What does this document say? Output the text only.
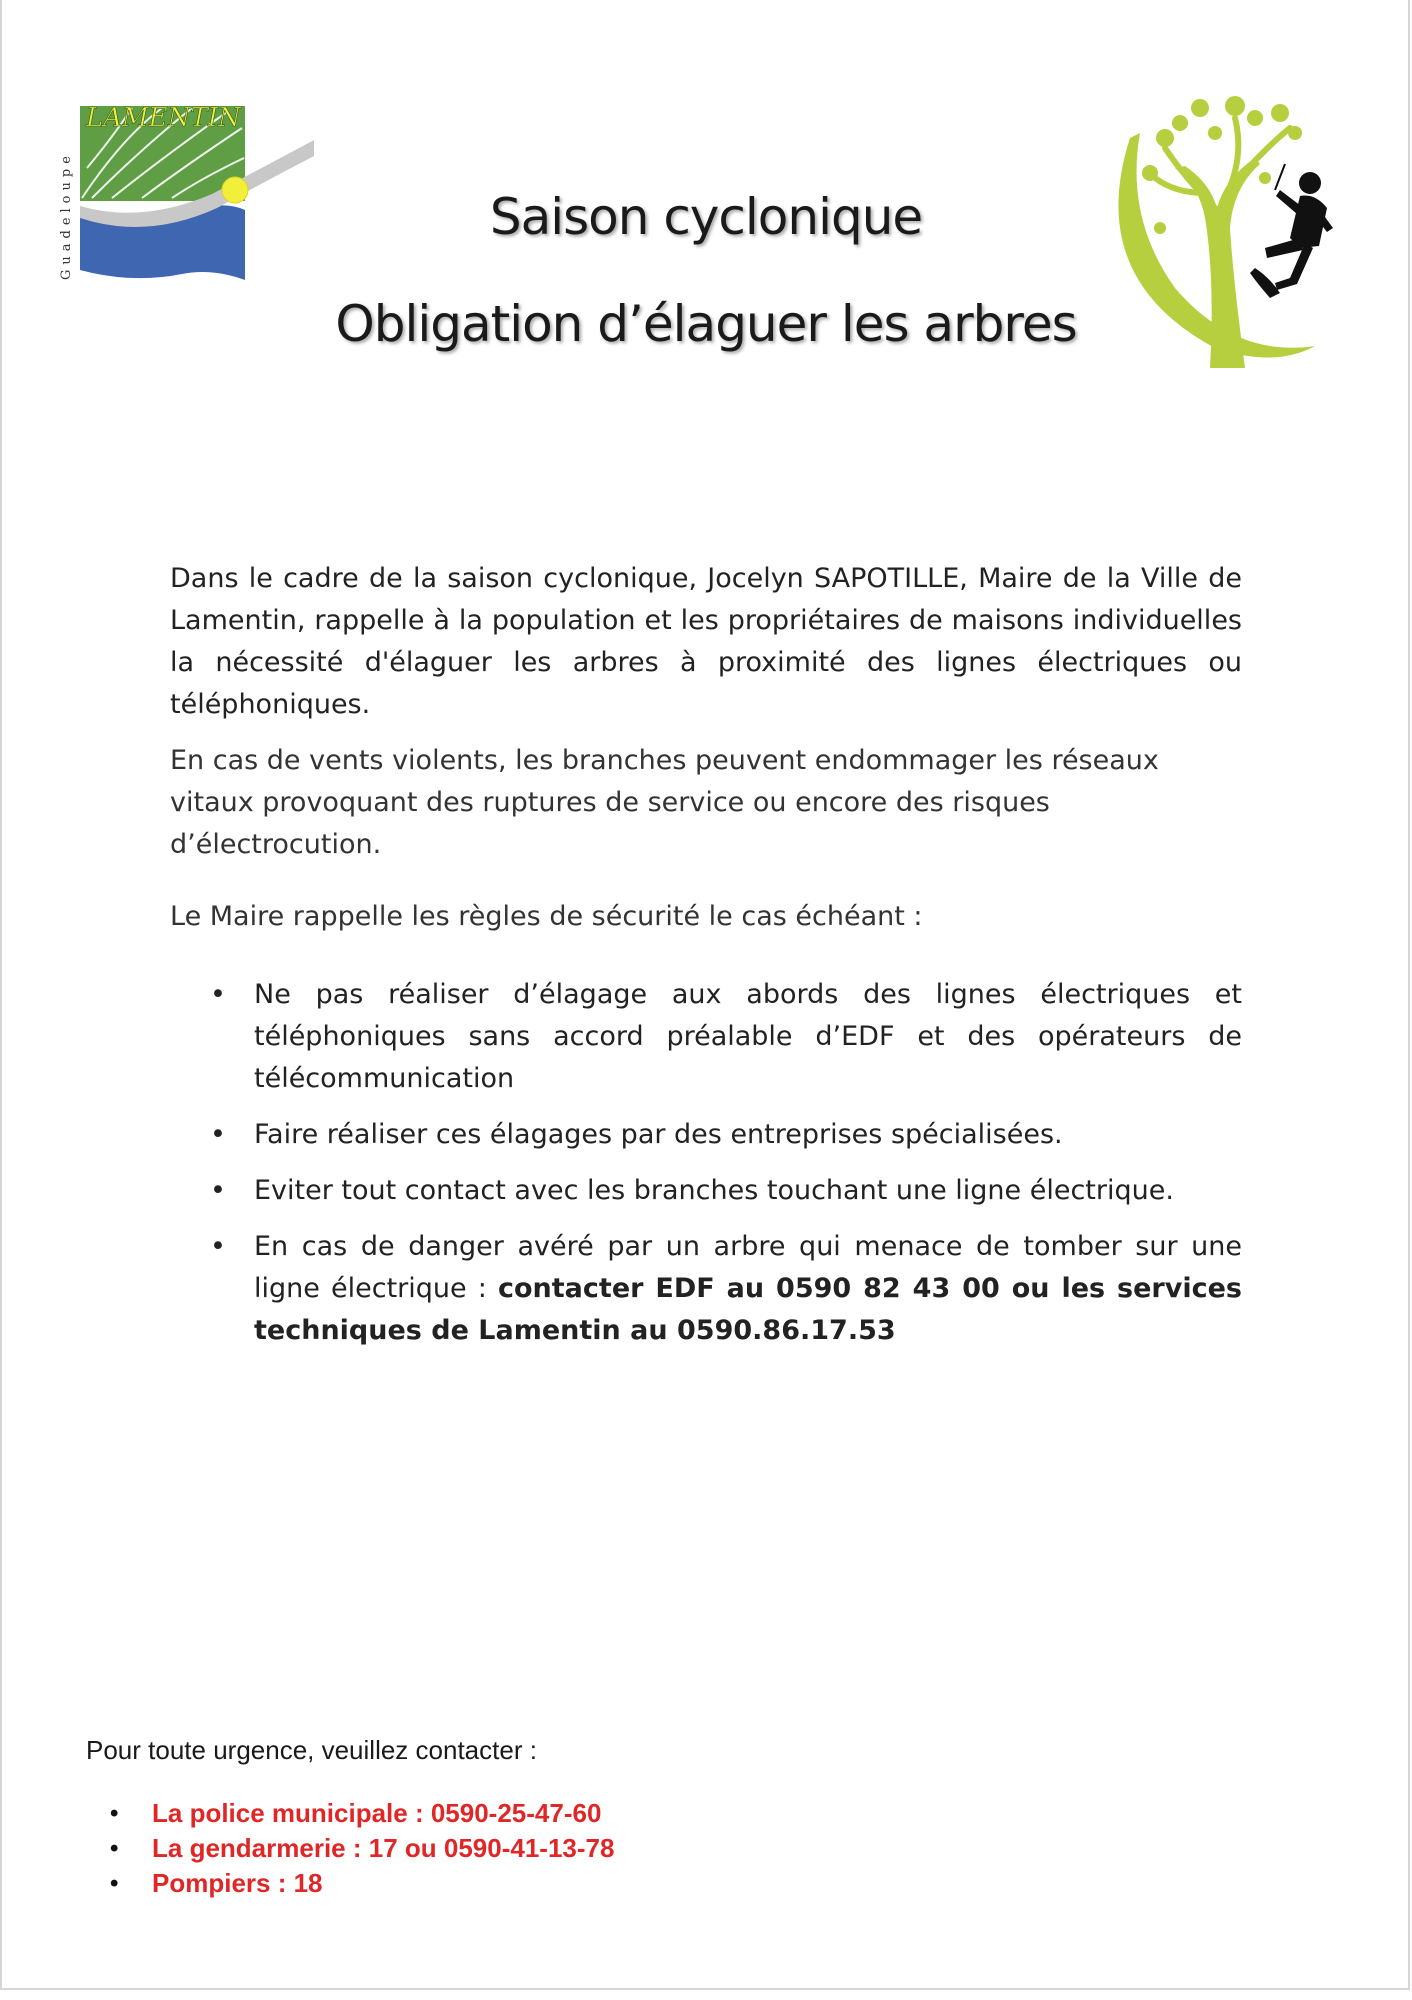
Guadeloupe
LAMENTIN
Saison cyclonique
Obligation d’élaguer les arbres

Dans le cadre de la saison cyclonique, Jocelyn SAPOTILLE, Maire de la Ville de Lamentin, rappelle à la population et les propriétaires de maisons individuelles la nécessité d'élaguer les arbres à proximité des lignes électriques ou téléphoniques.

En cas de vents violents, les branches peuvent endommager les réseaux vitaux provoquant des ruptures de service ou encore des risques d’électrocution.

Le Maire rappelle les règles de sécurité le cas échéant :

• Ne pas réaliser d’élagage aux abords des lignes électriques et téléphoniques sans accord préalable d’EDF et des opérateurs de télécommunication
• Faire réaliser ces élagages par des entreprises spécialisées.
• Eviter tout contact avec les branches touchant une ligne électrique.
• En cas de danger avéré par un arbre qui menace de tomber sur une ligne électrique : contacter EDF au 0590 82 43 00 ou les services techniques de Lamentin au 0590.86.17.53
Pour toute urgence, veuillez contacter :
• La police municipale : 0590-25-47-60
• La gendarmerie : 17 ou 0590-41-13-78
• Pompiers : 18
